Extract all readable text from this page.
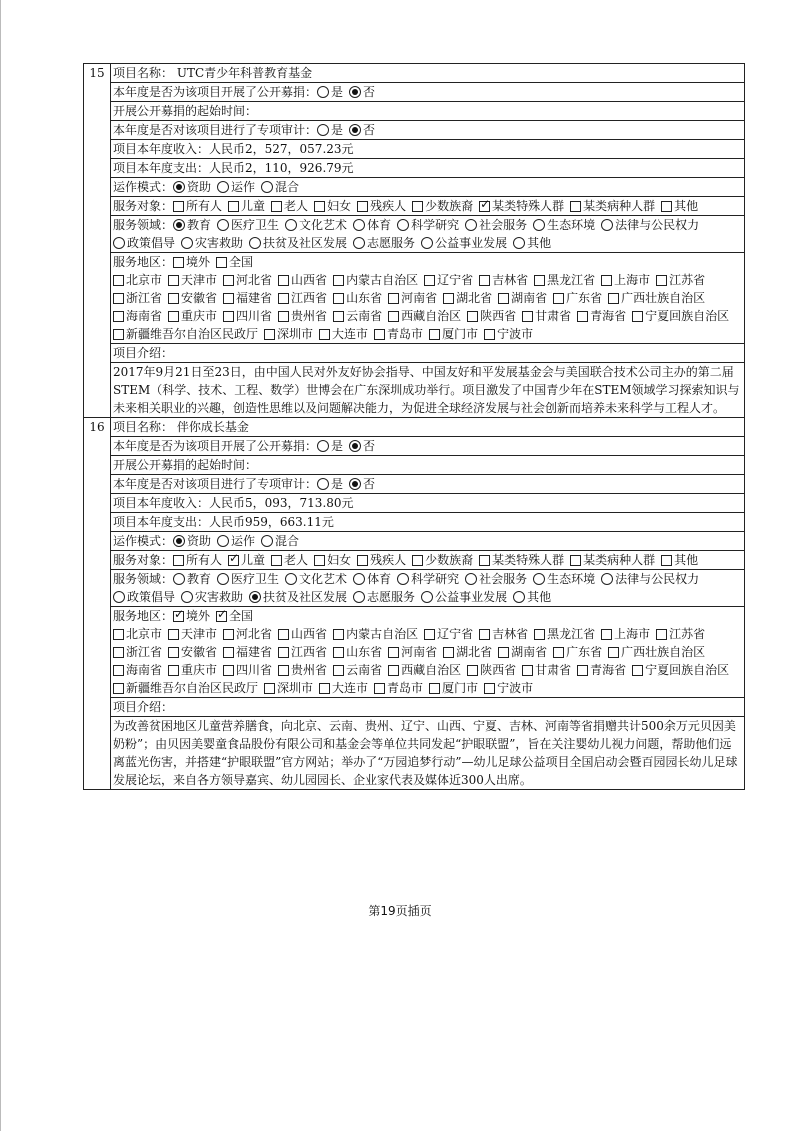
15	项目名称： UTC青少年科普教育基金
	本年度是否为该项目开展了公开募捐： 是 否
	开展公开募捐的起始时间：
	本年度是否对该项目进行了专项审计： 是 否
	项目本年度收入：人民币2，527，057.23元
	项目本年度支出：人民币2，110，926.79元
	运作模式： 资助 运作 混合
	服务对象： 所有人 儿童 老人 妇女 残疾人 少数族裔 ✓ 某类特殊人群 某类病种人群 其他
	服务领域： 教育 医疗卫生 文化艺术 体育 科学研究 社会服务 生态环境 法律与公民权力政策倡导 灾害救助 扶贫及社区发展 志愿服务 公益事业发展 其他
	服务地区： 境外 全国
北京市 天津市 河北省 山西省 内蒙古自治区 辽宁省 吉林省 黑龙江省 上海市 江苏省浙江省 安徽省 福建省 江西省 山东省 河南省 湖北省 湖南省 广东省 广西壮族自治区海南省 重庆市 四川省 贵州省 云南省 西藏自治区 陕西省 甘肃省 青海省 宁夏回族自治区新疆维吾尔自治区民政厅 深圳市 大连市 青岛市 厦门市 宁波市

	项目介绍：
	2017年9月21日至23日，由中国人民对外友好协会指导、中国友好和平发展基金会与美国联合技术公司主办的第二届STEM（科学、技术、工程、数学）世博会在广东深圳成功举行。项目激发了中国青少年在STEM领域学习探索知识与未来相关职业的兴趣，创造性思维以及问题解决能力，为促进全球经济发展与社会创新而培养未来科学与工程人才。
16	项目名称： 伴你成长基金
	本年度是否为该项目开展了公开募捐： 是 否
	开展公开募捐的起始时间：
	本年度是否对该项目进行了专项审计： 是 否
	项目本年度收入：人民币5，093，713.80元
	项目本年度支出：人民币959，663.11元
	运作模式： 资助 运作 混合
	服务对象： 所有人 ✓ 儿童 老人 妇女 残疾人 少数族裔 某类特殊人群 某类病种人群 其他
	服务领域： 教育 医疗卫生 文化艺术 体育 科学研究 社会服务 生态环境 法律与公民权力政策倡导 灾害救助 扶贫及社区发展 志愿服务 公益事业发展 其他
	服务地区： ✓ 境外 ✓ 全国
北京市 天津市 河北省 山西省 内蒙古自治区 辽宁省 吉林省 黑龙江省 上海市 江苏省浙江省 安徽省 福建省 江西省 山东省 河南省 湖北省 湖南省 广东省 广西壮族自治区海南省 重庆市 四川省 贵州省 云南省 西藏自治区 陕西省 甘肃省 青海省 宁夏回族自治区新疆维吾尔自治区民政厅 深圳市 大连市 青岛市 厦门市 宁波市

	项目介绍：
	为改善贫困地区儿童营养膳食，向北京、云南、贵州、辽宁、山西、宁夏、吉林、河南等省捐赠共计500余万元贝因美奶粉”；由贝因美婴童食品股份有限公司和基金会等单位共同发起“护眼联盟”，旨在关注婴幼儿视力问题，帮助他们远离蓝光伤害，并搭建“护眼联盟”官方网站；举办了“万园追梦行动”—幼儿足球公益项目全国启动会暨百园园长幼儿足球发展论坛，来自各方领导嘉宾、幼儿园园长、企业家代表及媒体近300人出席。
第19页插页
